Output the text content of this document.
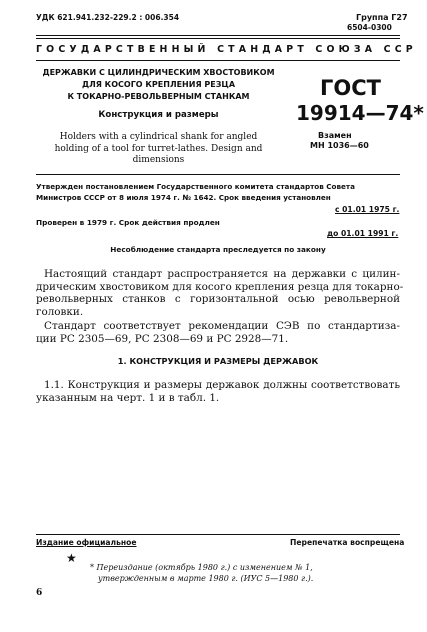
УДК 621.941.232-229.2 : 006.354	Группа Г27
6504-0300
ГОСУДАРСТВЕННЫЙ СТАНДАРТ СОЮЗА ССР
ДЕРЖАВКИ С ЦИЛИНДРИЧЕСКИМ ХВОСТОВИКОМ
ДЛЯ КОСОГО КРЕПЛЕНИЯ РЕЗЦА
К ТОКАРНО-РЕВОЛЬВЕРНЫМ СТАНКАМ
Конструкция и размеры
Holders with a cylindrical shank for angled
holding of a tool for turret-lathes. Design and
dimensions
ГОСТ
19914—74*
Взамен
МН 1036—60
Утвержден постановлением Государственного комитета стандартов Совета
Министров СССР от 8 июля 1974 г. № 1642. Срок введения установлен
с 01.01 1975 г.
Проверен в 1979 г. Срок действия продлен
до 01.01 1991 г.
Несоблюдение стандарта преследуется по закону
Настоящий стандарт распространяется на державки с цилин-
дрическим хвостовиком для косого крепления резца для токарно-
револьверных станков с горизонтальной осью револьверной
головки.
Стандарт соответствует рекомендации СЭВ по стандартиза-
ции РС 2305—69, РС 2308—69 и РС 2928—71.
1. КОНСТРУКЦИЯ И РАЗМЕРЫ ДЕРЖАВОК
1.1. Конструкция и размеры державок должны соответствовать
указанным на черт. 1 и в табл. 1.
Издание официальное	Перепечатка воспрещена
★
* Переиздание (октябрь 1980 г.) с изменением № 1,
утвержденным в марте 1980 г. (ИУС 5—1980 г.).
6
